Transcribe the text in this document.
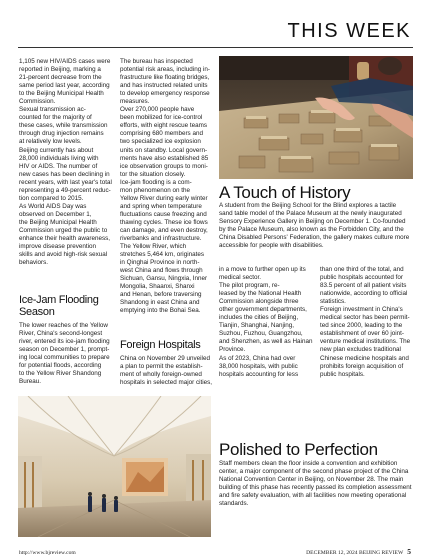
THIS WEEK

1,105 new HIV/AIDS cases were
reported in Beijing, marking a
21-percent decrease from the
same period last year, according
to the Beijing Municipal Health
Commission.

Sexual transmission ac-
counted for the majority of
these cases, while transmission
through drug injection remains
at relatively low levels.

Beijing currently has about
28,000 individuals living with
HIV or AIDS. The number of
new cases has been declining in
recent years, with last year's total
representing a 49-percent reduc-
tion compared to 2015.

As World AIDS Day was
observed on December 1,
the Beijing Municipal Health
Commission urged the public to
enhance their health awareness,
improve disease prevention
skills and avoid high-risk sexual
behaviors.

Ice-Jam Flooding
Season

The lower reaches of the Yellow
River, China's second-longest
river, entered its ice-jam flooding
season on December 1, prompt-
ing local communities to prepare
for potential floods, according
to the Yellow River Shandong
Bureau.

The bureau has inspected
potential risk areas, including in-
frastructure like floating bridges,
and has instructed related units
to develop emergency response
measures.

Over 270,000 people have
been mobilized for ice-control
efforts, with eight rescue teams
comprising 680 members and
two specialized ice explosion
units on standby. Local govern-
ments have also established 85
ice observation groups to moni-
tor the situation closely.

Ice-jam flooding is a com-
mon phenomenon on the
Yellow River during early winter
and spring when temperature
fluctuations cause freezing and
thawing cycles. These ice flows
can damage, and even destroy,
riverbanks and infrastructure.

The Yellow River, which
stretches 5,464 km, originates
in Qinghai Province in north-
west China and flows through
Sichuan, Gansu, Ningxia, Inner
Mongolia, Shaanxi, Shanxi
and Henan, before traversing
Shandong in east China and
emptying into the Bohai Sea.

Foreign Hospitals

China on November 29 unveiled
a plan to permit the establish-
ment of wholly foreign-owned
hospitals in selected major cities,

A Touch of History

A student from the Beijing School for the Blind explores a tactile
sand table model of the Palace Museum at the newly inaugurated
Sensory Experience Gallery in Beijing on December 1. Co-founded
by the Palace Museum, also known as the Forbidden City, and the
China Disabled Persons' Federation, the gallery makes culture more
accessible for people with disabilities.

in a move to further open up its
medical sector.

The pilot program, re-
leased by the National Health
Commission alongside three
other government departments,
includes the cities of Beijing,
Tianjin, Shanghai, Nanjing,
Suzhou, Fuzhou, Guangzhou,
and Shenzhen, as well as Hainan
Province.

As of 2023, China had over
38,000 hospitals, with public
hospitals accounting for less

than one third of the total, and
public hospitals accounted for
83.5 percent of all patient visits
nationwide, according to official
statistics.

Foreign investment in China's
medical sector has been permit-
ted since 2000, leading to the
establishment of over 60 joint-
venture medical institutions. The
new plan excludes traditional
Chinese medicine hospitals and
prohibits foreign acquisition of
public hospitals.

Polished to Perfection

Staff members clean the floor inside a convention and exhibition
center, a major component of the second phase project of the China
National Convention Center in Beijing, on November 28. The main
building of this phase has recently passed its completion assessment
and fire safety evaluation, with all facilities now meeting operational
standards.

http://www.bjreview.com	DECEMBER 12, 2024 BEIJING REVIEW 5
